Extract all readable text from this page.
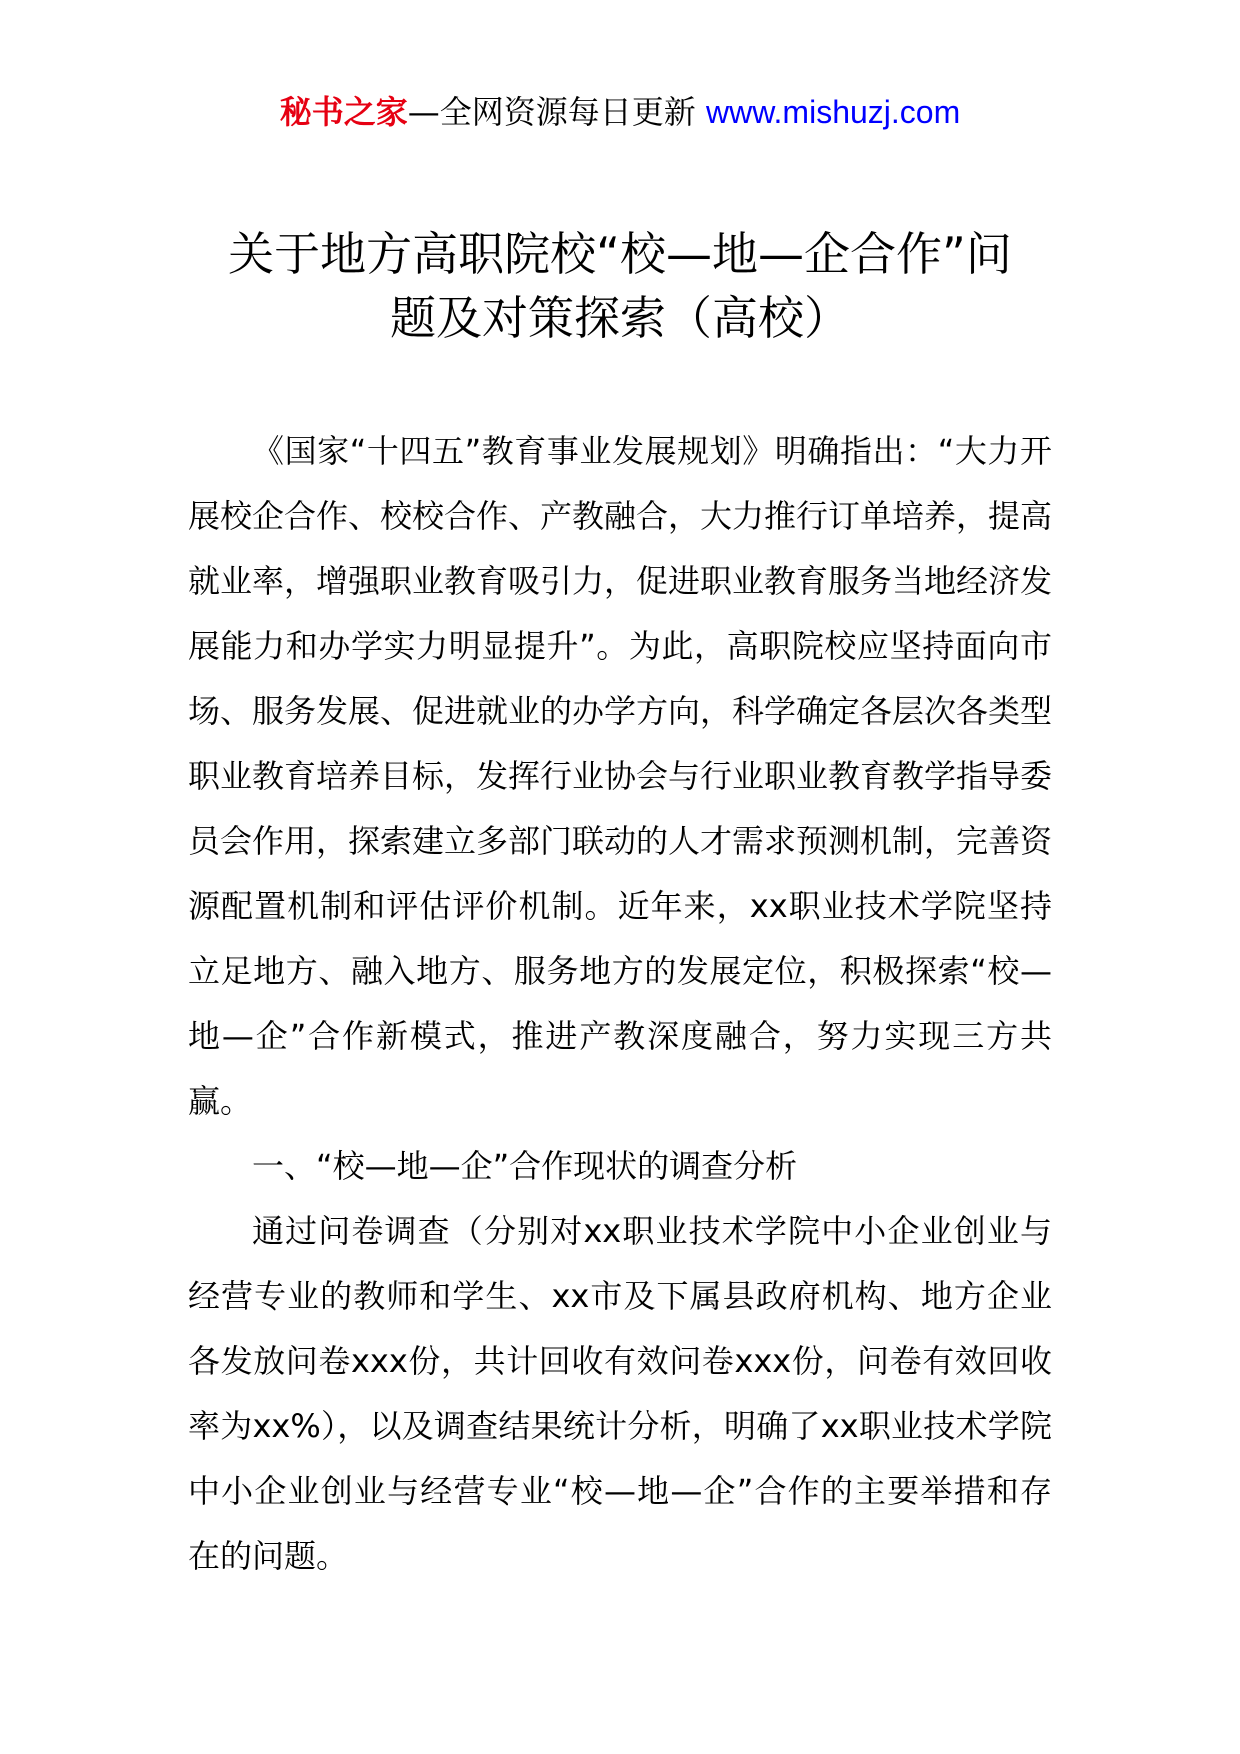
秘书之家—全网资源每日更新 www.mishuzj.com
关于地方高职院校“校—地—企合作”问
题及对策探索（高校）

《国家“十四五”教育事业发展规划》明确指出：“大力开展校企合作、校校合作、产教融合，大力推行订单培养，提高就业率，增强职业教育吸引力，促进职业教育服务当地经济发展能力和办学实力明显提升”。为此，高职院校应坚持面向市场、服务发展、促进就业的办学方向，科学确定各层次各类型职业教育培养目标，发挥行业协会与行业职业教育教学指导委员会作用，探索建立多部门联动的人才需求预测机制，完善资源配置机制和评估评价机制。近年来，xx职业技术学院坚持立足地方、融入地方、服务地方的发展定位，积极探索“校—地—企”合作新模式，推进产教深度融合，努力实现三方共赢。

一、“校—地—企”合作现状的调查分析

通过问卷调查（分别对xx职业技术学院中小企业创业与经营专业的教师和学生、xx市及下属县政府机构、地方企业各发放问卷xxx份，共计回收有效问卷xxx份，问卷有效回收率为xx%），以及调查结果统计分析，明确了xx职业技术学院中小企业创业与经营专业“校—地—企”合作的主要举措和存在的问题。
